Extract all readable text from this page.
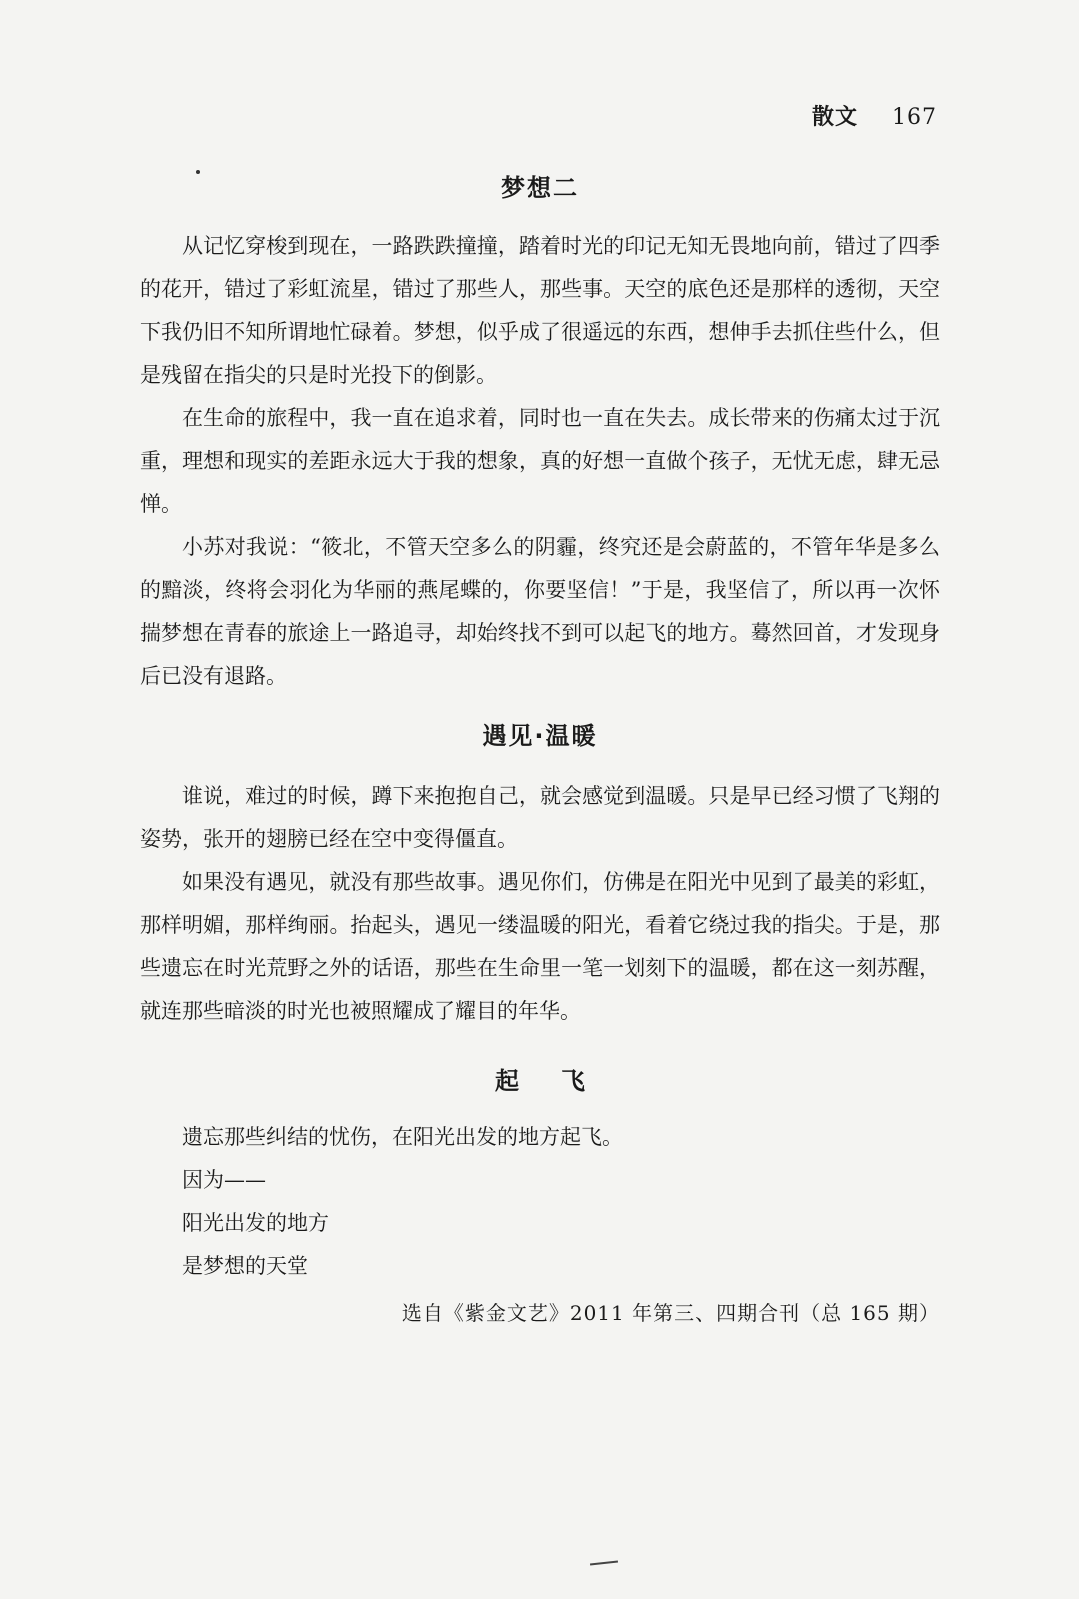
散文 167
梦想二

从记忆穿梭到现在，一路跌跌撞撞，踏着时光的印记无知无畏地向前，错过了四季的花开，错过了彩虹流星，错过了那些人，那些事。天空的底色还是那样的透彻，天空下我仍旧不知所谓地忙碌着。梦想，似乎成了很遥远的东西，想伸手去抓住些什么，但是残留在指尖的只是时光投下的倒影。

在生命的旅程中，我一直在追求着，同时也一直在失去。成长带来的伤痛太过于沉重，理想和现实的差距永远大于我的想象，真的好想一直做个孩子，无忧无虑，肆无忌惮。

小苏对我说：“筱北，不管天空多么的阴霾，终究还是会蔚蓝的，不管年华是多么的黯淡，终将会羽化为华丽的燕尾蝶的，你要坚信！”于是，我坚信了，所以再一次怀揣梦想在青春的旅途上一路追寻，却始终找不到可以起飞的地方。蓦然回首，才发现身后已没有退路。

遇见·温暖

谁说，难过的时候，蹲下来抱抱自己，就会感觉到温暖。只是早已经习惯了飞翔的姿势，张开的翅膀已经在空中变得僵直。

如果没有遇见，就没有那些故事。遇见你们，仿佛是在阳光中见到了最美的彩虹，那样明媚，那样绚丽。抬起头，遇见一缕温暖的阳光，看着它绕过我的指尖。于是，那些遗忘在时光荒野之外的话语，那些在生命里一笔一划刻下的温暖，都在这一刻苏醒，就连那些暗淡的时光也被照耀成了耀目的年华。

起飞

遗忘那些纠结的忧伤，在阳光出发的地方起飞。

因为——

阳光出发的地方

是梦想的天堂

选自《紫金文艺》2011 年第三、四期合刊（总 165 期）
